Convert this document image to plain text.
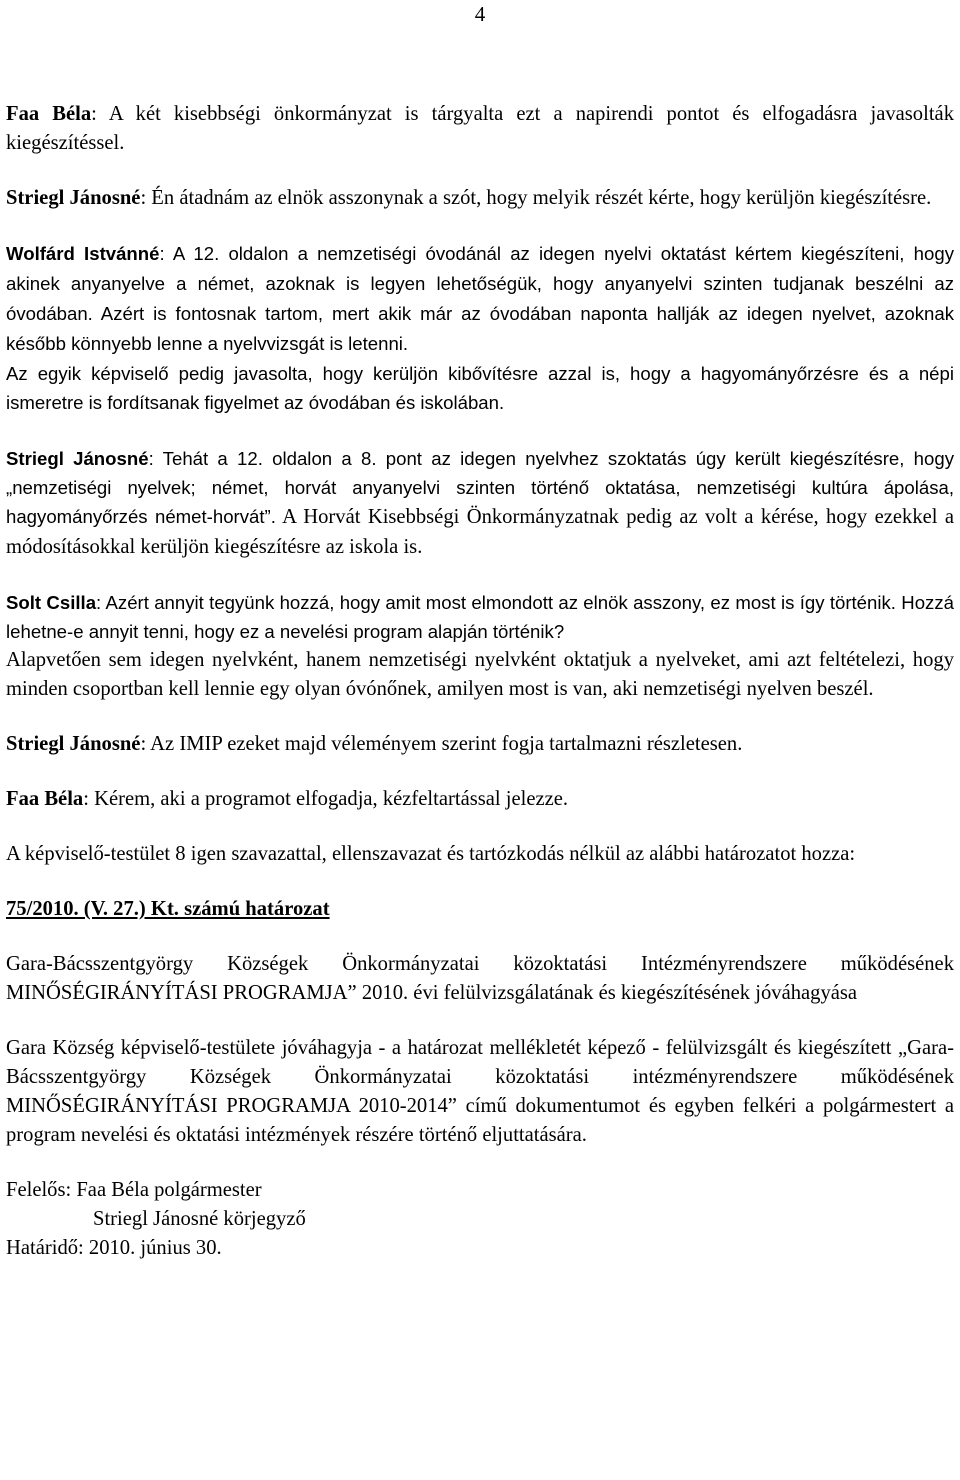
4

Faa Béla: A két kisebbségi önkormányzat is tárgyalta ezt a napirendi pontot és elfogadásra javasolták kiegészítéssel.

Striegl Jánosné: Én átadnám az elnök asszonynak a szót, hogy melyik részét kérte, hogy kerüljön kiegészítésre.

Wolfárd Istvánné: A 12. oldalon a nemzetiségi óvodánál az idegen nyelvi oktatást kértem kiegészíteni, hogy akinek anyanyelve a német, azoknak is legyen lehetőségük, hogy anyanyelvi szinten tudjanak beszélni az óvodában. Azért is fontosnak tartom, mert akik már az óvodában naponta hallják az idegen nyelvet, azoknak később könnyebb lenne a nyelvvizsgát is letenni.

Az egyik képviselő pedig javasolta, hogy kerüljön kibővítésre azzal is, hogy a hagyományőrzésre és a népi ismeretre is fordítsanak figyelmet az óvodában és iskolában.

Striegl Jánosné: Tehát a 12. oldalon a 8. pont az idegen nyelvhez szoktatás úgy került kiegészítésre, hogy „nemzetiségi nyelvek; német, horvát anyanyelvi szinten történő oktatása, nemzetiségi kultúra ápolása, hagyományőrzés német-horvát”. A Horvát Kisebbségi Önkormányzatnak pedig az volt a kérése, hogy ezekkel a módosításokkal kerüljön kiegészítésre az iskola is.

Solt Csilla: Azért annyit tegyünk hozzá, hogy amit most elmondott az elnök asszony, ez most is így történik. Hozzá lehetne-e annyit tenni, hogy ez a nevelési program alapján történik?

Alapvetően sem idegen nyelvként, hanem nemzetiségi nyelvként oktatjuk a nyelveket, ami azt feltételezi, hogy minden csoportban kell lennie egy olyan óvónőnek, amilyen most is van, aki nemzetiségi nyelven beszél.

Striegl Jánosné: Az IMIP ezeket majd véleményem szerint fogja tartalmazni részletesen.

Faa Béla: Kérem, aki a programot elfogadja, kézfeltartással jelezze.

A képviselő-testület 8 igen szavazattal, ellenszavazat és tartózkodás nélkül az alábbi határozatot hozza:

75/2010. (V. 27.) Kt. számú határozat

Gara-Bácsszentgyörgy Községek Önkormányzatai közoktatási Intézményrendszere működésének MINŐSÉGIRÁNYÍTÁSI PROGRAMJA” 2010. évi felülvizsgálatának és kiegészítésének jóváhagyása

Gara Község képviselő-testülete jóváhagyja - a határozat mellékletét képező - felülvizsgált és kiegészített „Gara-Bácsszentgyörgy Községek Önkormányzatai közoktatási intézményrendszere működésének MINŐSÉGIRÁNYÍTÁSI PROGRAMJA 2010-2014” című dokumentumot és egyben felkéri a polgármestert a program nevelési és oktatási intézmények részére történő eljuttatására.

Felelős: Faa Béla polgármester

Striegl Jánosné körjegyző

Határidő: 2010. június 30.
